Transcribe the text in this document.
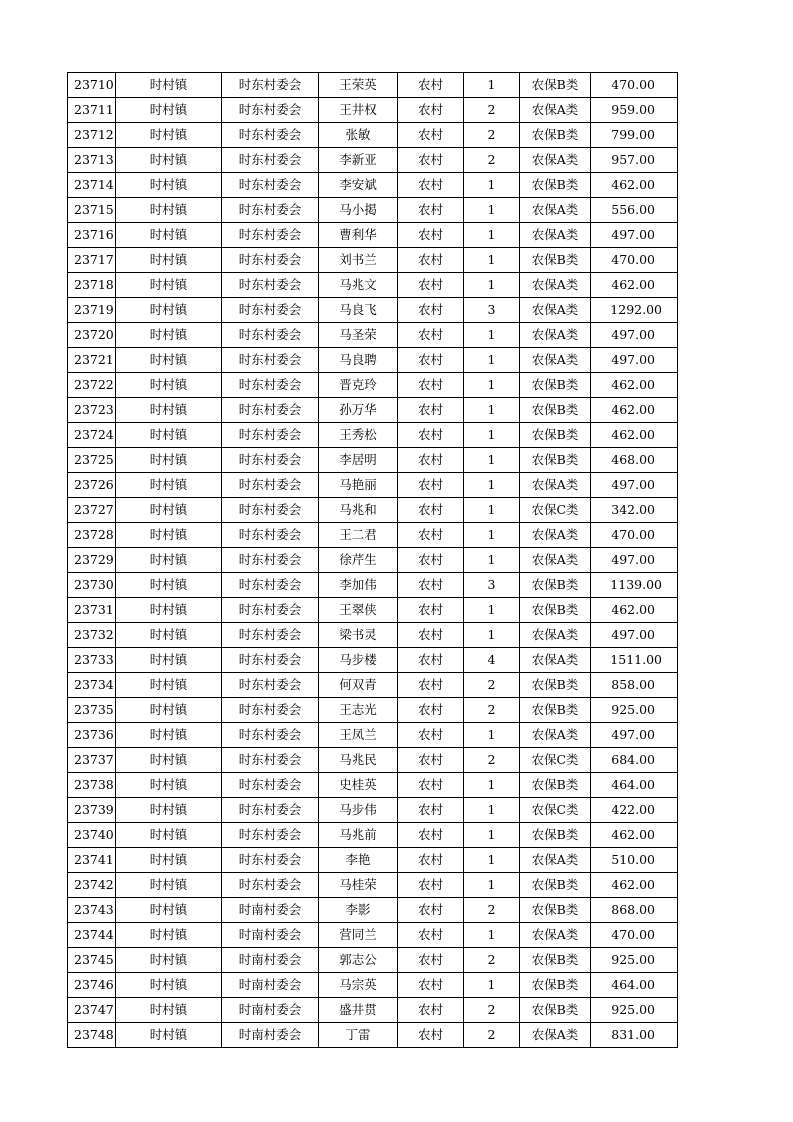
23710	时村镇	时东村委会	王荣英	农村	1	农保B类	470.00
23711	时村镇	时东村委会	王井权	农村	2	农保A类	959.00
23712	时村镇	时东村委会	张敏	农村	2	农保B类	799.00
23713	时村镇	时东村委会	李新亚	农村	2	农保A类	957.00
23714	时村镇	时东村委会	李安斌	农村	1	农保B类	462.00
23715	时村镇	时东村委会	马小掲	农村	1	农保A类	556.00
23716	时村镇	时东村委会	曹利华	农村	1	农保A类	497.00
23717	时村镇	时东村委会	刘书兰	农村	1	农保B类	470.00
23718	时村镇	时东村委会	马兆文	农村	1	农保A类	462.00
23719	时村镇	时东村委会	马良飞	农村	3	农保A类	1292.00
23720	时村镇	时东村委会	马圣荣	农村	1	农保A类	497.00
23721	时村镇	时东村委会	马良聘	农村	1	农保A类	497.00
23722	时村镇	时东村委会	晋克玲	农村	1	农保B类	462.00
23723	时村镇	时东村委会	孙万华	农村	1	农保B类	462.00
23724	时村镇	时东村委会	王秀松	农村	1	农保B类	462.00
23725	时村镇	时东村委会	李居明	农村	1	农保B类	468.00
23726	时村镇	时东村委会	马艳丽	农村	1	农保A类	497.00
23727	时村镇	时东村委会	马兆和	农村	1	农保C类	342.00
23728	时村镇	时东村委会	王二君	农村	1	农保A类	470.00
23729	时村镇	时东村委会	徐芹生	农村	1	农保A类	497.00
23730	时村镇	时东村委会	李加伟	农村	3	农保B类	1139.00
23731	时村镇	时东村委会	王翠侠	农村	1	农保B类	462.00
23732	时村镇	时东村委会	梁书灵	农村	1	农保A类	497.00
23733	时村镇	时东村委会	马步楼	农村	4	农保A类	1511.00
23734	时村镇	时东村委会	何双青	农村	2	农保B类	858.00
23735	时村镇	时东村委会	王志光	农村	2	农保B类	925.00
23736	时村镇	时东村委会	王凤兰	农村	1	农保A类	497.00
23737	时村镇	时东村委会	马兆民	农村	2	农保C类	684.00
23738	时村镇	时东村委会	史桂英	农村	1	农保B类	464.00
23739	时村镇	时东村委会	马步伟	农村	1	农保C类	422.00
23740	时村镇	时东村委会	马兆前	农村	1	农保B类	462.00
23741	时村镇	时东村委会	李艳	农村	1	农保A类	510.00
23742	时村镇	时东村委会	马桂荣	农村	1	农保B类	462.00
23743	时村镇	时南村委会	李影	农村	2	农保B类	868.00
23744	时村镇	时南村委会	营同兰	农村	1	农保A类	470.00
23745	时村镇	时南村委会	郭志公	农村	2	农保B类	925.00
23746	时村镇	时南村委会	马宗英	农村	1	农保B类	464.00
23747	时村镇	时南村委会	盛井贯	农村	2	农保B类	925.00
23748	时村镇	时南村委会	丁雷	农村	2	农保A类	831.00
